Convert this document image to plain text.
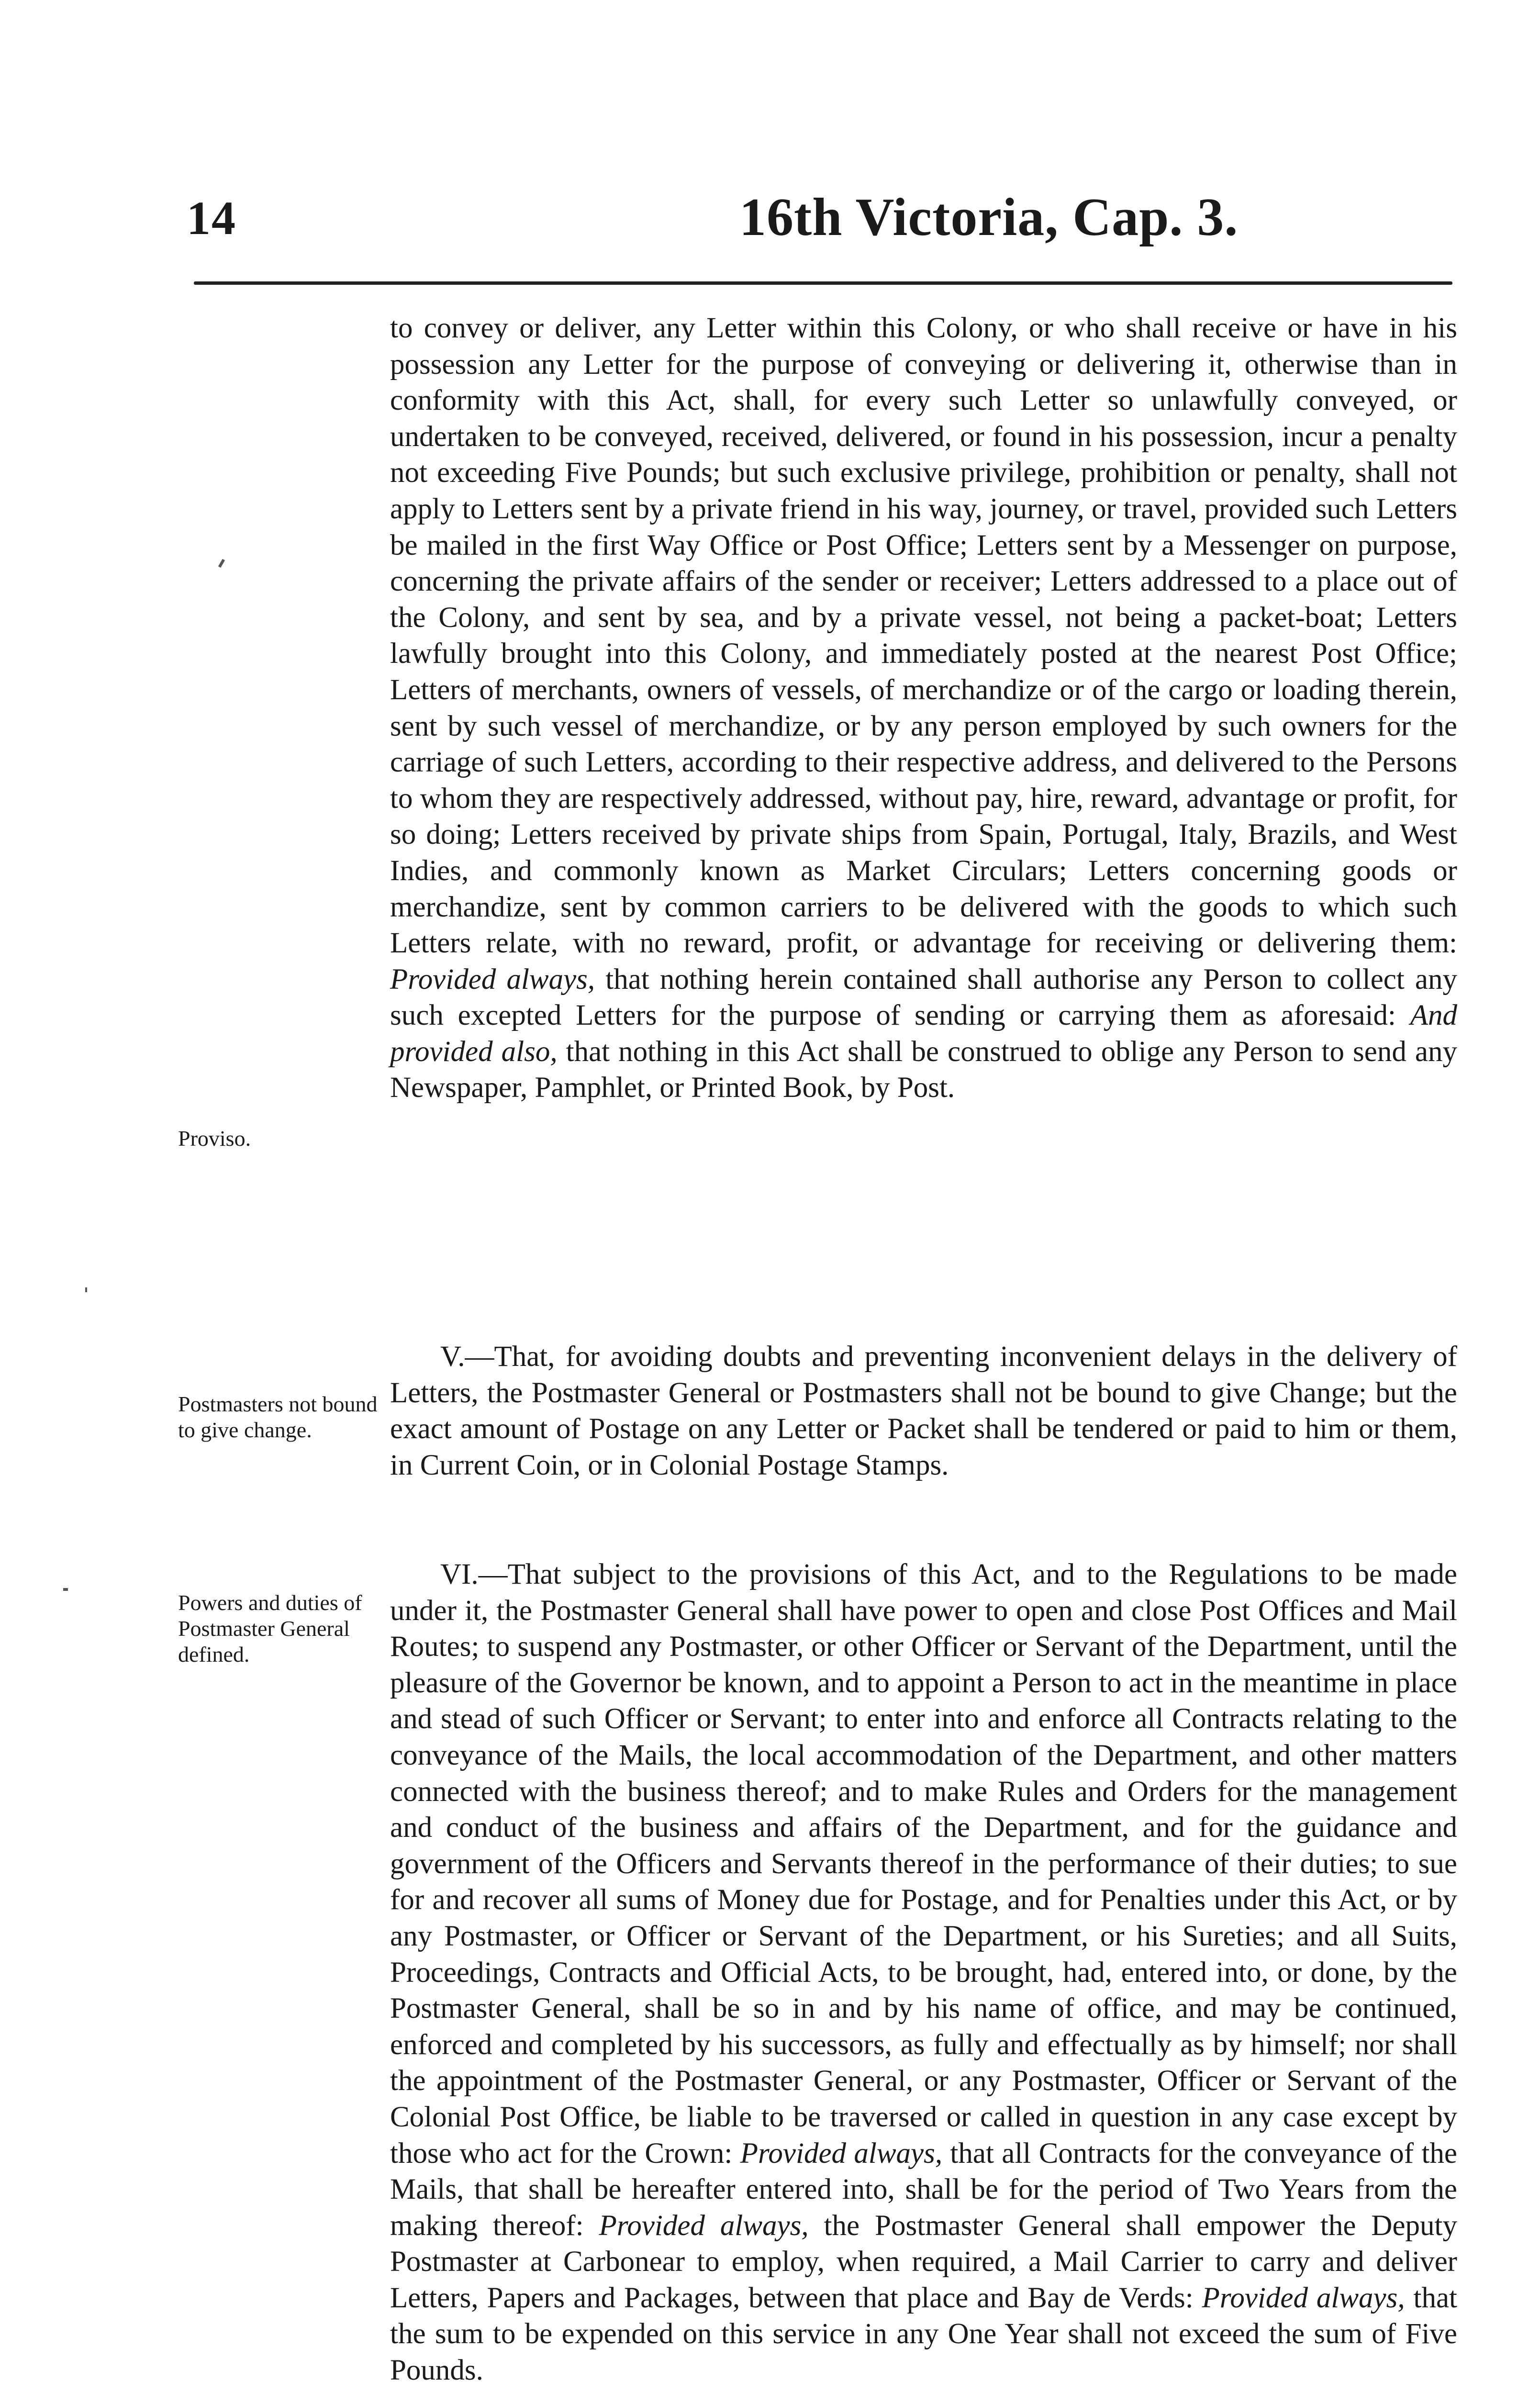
14	16th Victoria, Cap. 3.
Proviso.
Postmasters not bound to give change.
Powers and duties of Postmaster General defined.
to convey or deliver, any Letter within this Colony, or who shall receive or have in his possession any Letter for the purpose of conveying or delivering it, otherwise than in conformity with this Act, shall, for every such Letter so unlawfully conveyed, or undertaken to be conveyed, received, delivered, or found in his possession, incur a penalty not exceeding Five Pounds; but such exclusive privilege, prohibition or penalty, shall not apply to Letters sent by a private friend in his way, journey, or travel, provided such Letters be mailed in the first Way Office or Post Office; Letters sent by a Messenger on purpose, concerning the private affairs of the sender or receiver; Letters addressed to a place out of the Colony, and sent by sea, and by a private vessel, not being a packet-boat; Letters lawfully brought into this Colony, and immediately posted at the nearest Post Office; Letters of merchants, owners of vessels, of merchandize or of the cargo or loading therein, sent by such vessel of merchandize, or by any person employed by such owners for the carriage of such Letters, according to their respective address, and delivered to the Persons to whom they are respectively addressed, without pay, hire, reward, advantage or profit, for so doing; Letters received by private ships from Spain, Portugal, Italy, Brazils, and West Indies, and commonly known as Market Circulars; Letters concerning goods or merchandize, sent by common carriers to be delivered with the goods to which such Letters relate, with no reward, profit, or advantage for receiving or delivering them: Provided always, that nothing herein contained shall authorise any Person to collect any such excepted Letters for the purpose of sending or carrying them as aforesaid: And provided also, that nothing in this Act shall be construed to oblige any Person to send any Newspaper, Pamphlet, or Printed Book, by Post.
V.—That, for avoiding doubts and preventing inconvenient delays in the delivery of Letters, the Postmaster General or Postmasters shall not be bound to give Change; but the exact amount of Postage on any Letter or Packet shall be tendered or paid to him or them, in Current Coin, or in Colonial Postage Stamps.
VI.—That subject to the provisions of this Act, and to the Regulations to be made under it, the Postmaster General shall have power to open and close Post Offices and Mail Routes; to suspend any Postmaster, or other Officer or Servant of the Department, until the pleasure of the Governor be known, and to appoint a Person to act in the meantime in place and stead of such Officer or Servant; to enter into and enforce all Contracts relating to the conveyance of the Mails, the local accommodation of the Department, and other matters connected with the business thereof; and to make Rules and Orders for the management and conduct of the business and affairs of the Department, and for the guidance and government of the Officers and Servants thereof in the performance of their duties; to sue for and recover all sums of Money due for Postage, and for Penalties under this Act, or by any Postmaster, or Officer or Servant of the Department, or his Sureties; and all Suits, Proceedings, Contracts and Official Acts, to be brought, had, entered into, or done, by the Postmaster General, shall be so in and by his name of office, and may be continued, enforced and completed by his successors, as fully and effectually as by himself; nor shall the appointment of the Postmaster General, or any Postmaster, Officer or Servant of the Colonial Post Office, be liable to be traversed or called in question in any case except by those who act for the Crown: Provided always, that all Contracts for the conveyance of the Mails, that shall be hereafter entered into, shall be for the period of Two Years from the making thereof: Provided always, the Postmaster General shall empower the Deputy Postmaster at Carbonear to employ, when required, a Mail Carrier to carry and deliver Letters, Papers and Packages, between that place and Bay de Verds: Provided always, that the sum to be expended on this service in any One Year shall not exceed the sum of Five Pounds.
